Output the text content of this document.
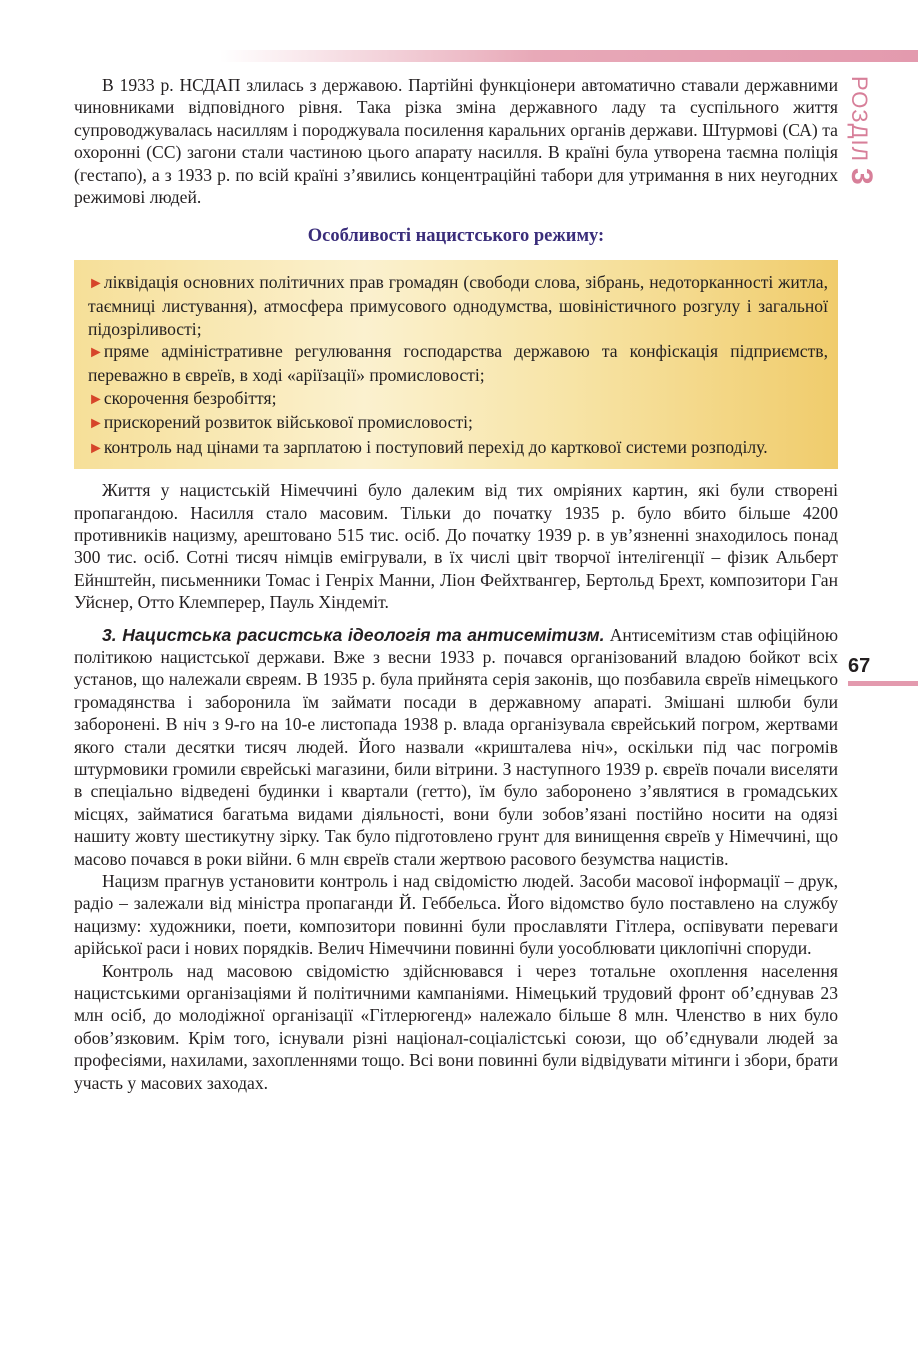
РОЗДІЛ3
67

В 1933 р. НСДАП злилась з державою. Партійні функціонери автоматично ставали державними чиновниками відповідного рівня. Така різка зміна державного ладу та суспільного життя супроводжувалась насиллям і породжувала посилення каральних органів держави. Штурмові (СА) та охоронні (СС) загони стали частиною цього апарату насилля. В країні була утворена таємна поліція (гестапо), а з 1933 р. по всій країні з’явились концентраційні табори для утримання в них неугодних режимові людей.

Особливості нацистського режиму:

►ліквідація основних політичних прав громадян (свободи слова, зібрань, недоторканності житла, таємниці листування), атмосфера примусового однодумства, шовіністичного розгулу і загальної підозріливості;

►пряме адміністративне регулювання господарства державою та конфіскація підприємств, переважно в євреїв, в ході «аріїзації» промисловості;

►скорочення безробіття;

►прискорений розвиток військової промисловості;

►контроль над цінами та зарплатою і поступовий перехід до карткової системи розподілу.

Життя у нацистській Німеччині було далеким від тих омріяних картин, які були створені пропагандою. Насилля стало масовим. Тільки до початку 1935 р. було вбито більше 4200 противників нацизму, арештовано 515 тис. осіб. До початку 1939 р. в ув’язненні знаходилось понад 300 тис. осіб. Сотні тисяч німців емігрували, в їх числі цвіт творчої інтелігенції – фізик Альберт Ейнштейн, письменники Томас і Генріх Манни, Ліон Фейхтвангер, Бертольд Брехт, композитори Ган Уйснер, Отто Клемперер, Пауль Хіндеміт.

3. Нацистська расистська ідеологія та антисемітизм. Антисемітизм став офіційною політикою нацистської держави. Вже з весни 1933 р. почався організований владою бойкот всіх установ, що належали євреям. В 1935 р. була прийнята серія законів, що позбавила євреїв німецького громадянства і заборонила їм займати посади в державному апараті. Змішані шлюби були заборонені. В ніч з 9-го на 10-е листопада 1938 р. влада організувала єврейський погром, жертвами якого стали десятки тисяч людей. Його назвали «кришталева ніч», оскільки під час погромів штурмовики громили єврейські магазини, били вітрини. З наступного 1939 р. євреїв почали виселяти в спеціально відведені будинки і квартали (гетто), їм було заборонено з’являтися в громадських місцях, займатися багатьма видами діяльності, вони були зобов’язані постійно носити на одязі нашиту жовту шестикутну зірку. Так було підготовлено грунт для винищення євреїв у Німеччині, що масово почався в роки війни. 6 млн євреїв стали жертвою расового безумства нацистів.

Нацизм прагнув установити контроль і над свідомістю людей. Засоби масової інформації – друк, радіо – залежали від міністра пропаганди Й. Геббельса. Його відомство було поставлено на службу нацизму: художники, поети, композитори повинні були прославляти Гітлера, оспівувати переваги арійської раси і нових порядків. Велич Німеччини повинні були уособлювати циклопічні споруди.

Контроль над масовою свідомістю здійснювався і через тотальне охоплення населення нацистськими організаціями й політичними кампаніями. Німецький трудовий фронт об’єднував 23 млн осіб, до молодіжної організації «Гітлерюгенд» належало більше 8 млн. Членство в них було обов’язковим. Крім того, існували різні націонал-соціалістські союзи, що об’єднували людей за професіями, нахилами, захопленнями тощо. Всі вони повинні були відвідувати мітинги і збори, брати участь у масових заходах.
